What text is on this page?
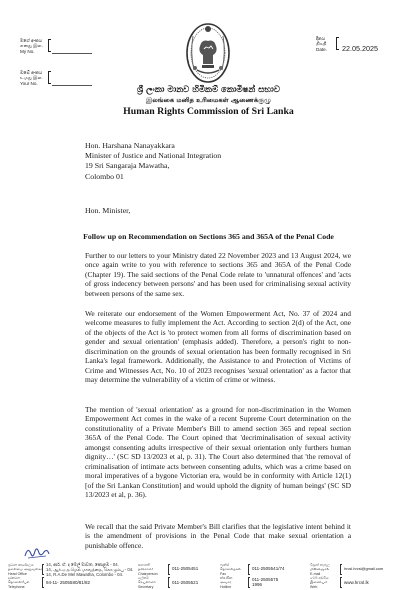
මගේ අංකය
எனது இல.
My No.
ඔබේ අංකය
உமது இல.
Your No.
දිනය
திகதி
Date. 22.05.2025
ශ්‍රී ලංකා මානව හිමිකම් කොමිෂන් සභාව
இலங்கை மனித உரிமைகள் ஆணைக்குழு
Human Rights Commission of Sri Lanka
Hon. Harshana Nanayakkara
Minister of Justice and National Integration
19 Sri Sangaraja Mawatha,
Colombo 01
Hon. Minister,
Follow up on Recommendation on Sections 365 and 365A of the Penal Code
Further to our letters to your Ministry dated 22 November 2023 and 13 August 2024, we once again write to you with reference to sections 365 and 365A of the Penal Code (Chapter 19). The said sections of the Penal Code relate to 'unnatural offences' and 'acts of gross indecency between persons' and has been used for criminalising sexual activity between persons of the same sex.
We reiterate our endorsement of the Women Empowerment Act, No. 37 of 2024 and welcome measures to fully implement the Act. According to section 2(d) of the Act, one of the objects of the Act is 'to protect women from all forms of discrimination based on gender and sexual orientation' (emphasis added). Therefore, a person's right to non-discrimination on the grounds of sexual orientation has been formally recognised in Sri Lanka's legal framework. Additionally, the Assistance to and Protection of Victims of Crime and Witnesses Act, No. 10 of 2023 recognises 'sexual orientation' as a factor that may determine the vulnerability of a victim of crime or witness.
The mention of 'sexual orientation' as a ground for non-discrimination in the Women Empowerment Act comes in the wake of a recent Supreme Court determination on the constitutionality of a Private Member's Bill to amend section 365 and repeal section 365A of the Penal Code. The Court opined that 'decriminalisation of sexual activity amongst consenting adults irrespective of their sexual orientation only furthers human dignity…' (SC SD 13/2023 et al, p. 31). The Court also determined that 'the removal of criminalisation of intimate acts between consenting adults, which was a crime based on moral imperatives of a bygone Victorian era, would be in conformity with Article 12(1) [of the Sri Lankan Constitution] and would uphold the dignity of human beings' (SC SD 13/2023 et al, p. 36).
We recall that the said Private Member's Bill clarifies that the legislative intent behind it is the amendment of provisions in the Penal Code that make sexual orientation a punishable offence.
ප්‍රධාන කාර්යාලය
தலைமை அலுவலகம்
Head Office
14, ආර්. ඒ. ද මෙල් මාවත, කොළඹ - 04.
14, ஆர்.ஏ.த.மெல் மாவத்தை, கொழும்பு - 04.
14, R.A.De Mel Mawatha, Colombo - 04.
දුරකථන
தொலைபேசி
Telephone
94-11- 2505580/81/82
සභාපති
தவிசாளர்
Chairperson
011-2505451
ලේකම්
செயலாளர்
Secretary
011-2505521
ෆැක්ස්
தொலைநகல்
Fax
011-2505541/74
ක්ෂණික
அவசர
Hotline
011-2505575
1996
විද්‍යුත් තැපෑල
மின்னஞ்சல்
E-mail
hrcsl.hrcsl@gmail.com
වෙබ් අඩවිය
இணையம்
Web
www.hrcsl.lk
